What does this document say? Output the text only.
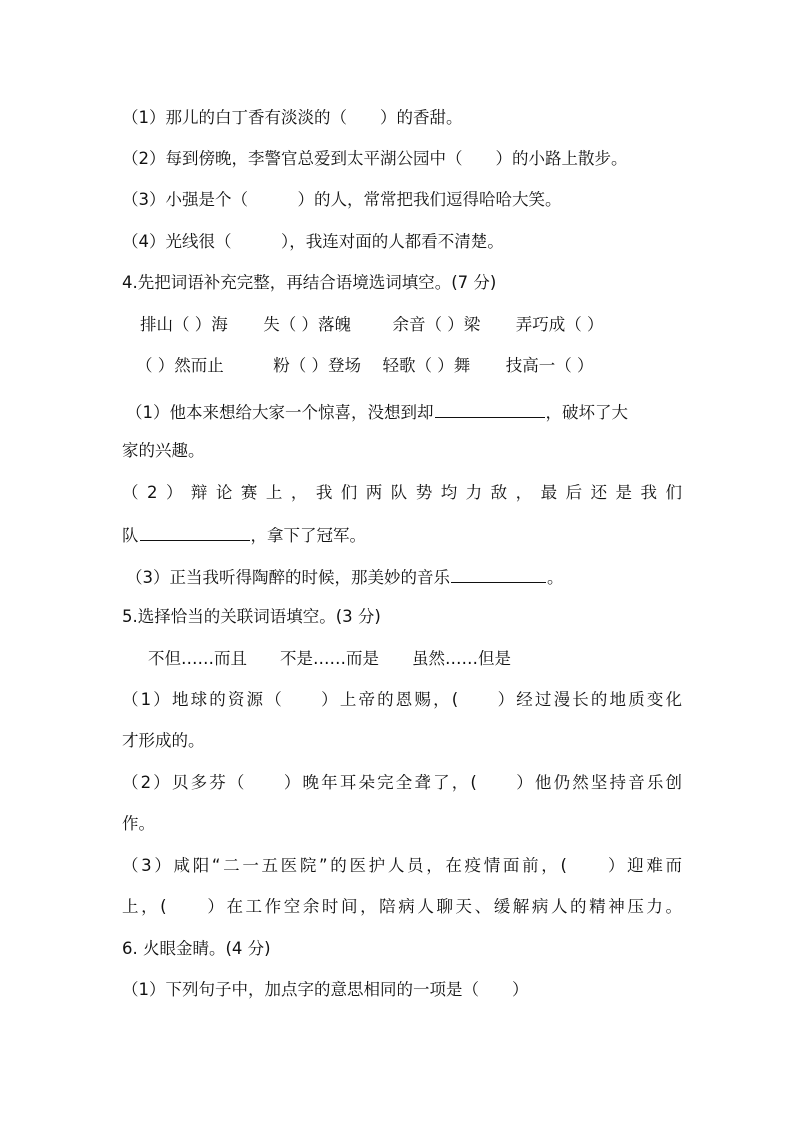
（1）那儿的白丁香有淡淡的（　　）的香甜。
（2）每到傍晚，李警官总爱到太平湖公园中（　　）的小路上散步。
（3）小强是个（　　　）的人，常常把我们逗得哈哈大笑。
（4）光线很（　　　），我连对面的人都看不清楚。
4.先把词语补充完整，再结合语境选词填空。(7 分)
排山（ ）海 失（ ）落魄	余音（ ）梁 弄巧成（ ）
（ ）然而止	粉（ ）登场 轻歌（ ）舞 技高一（ ）
（1）他本来想给大家一个惊喜，没想到却	，破坏了大
家的兴趣。
（2）辩论赛上，我们两队势均力敌，最后还是我们
队	，拿下了冠军。
（3）正当我听得陶醉的时候，那美妙的音乐	。
5.选择恰当的关联词语填空。(3 分)
不但……而且　　不是……而是　　虽然……但是
（1）地球的资源（　　）上帝的恩赐，(　　）经过漫长的地质变化
才形成的。
（2）贝多芬（　　）晚年耳朵完全聋了，(　　）他仍然坚持音乐创
作。
（3）咸阳“二一五医院”的医护人员，在疫情面前，(　　）迎难而
上，(　　）在工作空余时间，陪病人聊天、缓解病人的精神压力。
6. 火眼金睛。(4 分)
（1）下列句子中，加点字的意思相同的一项是（　　）
